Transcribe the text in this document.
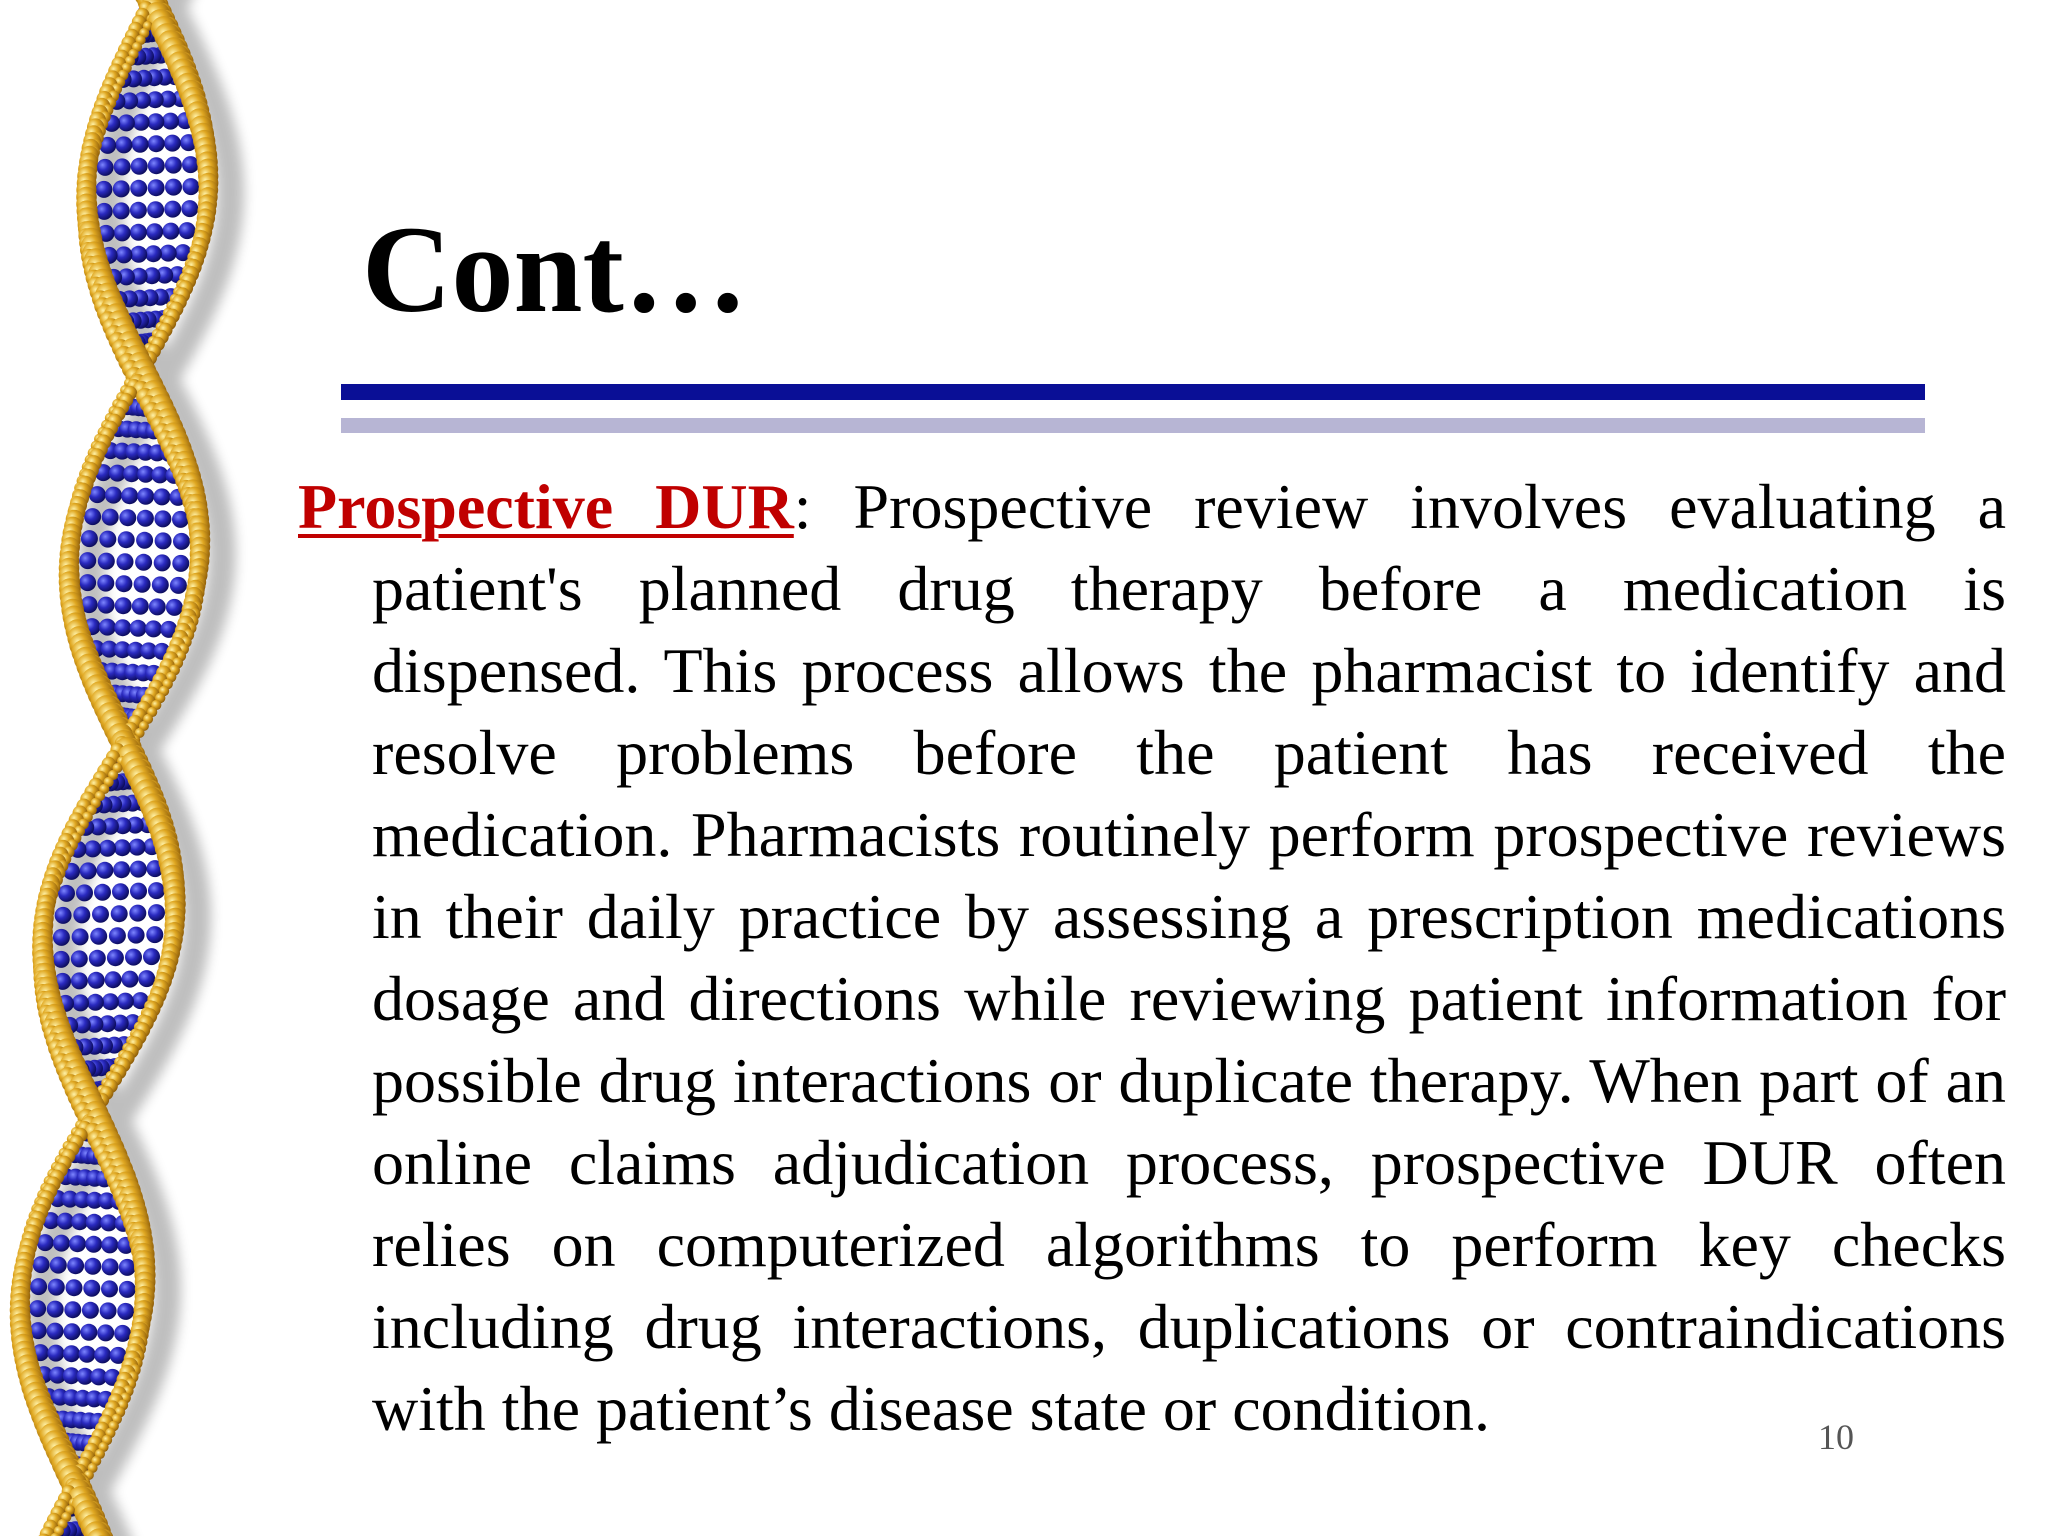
Cont…
Prospective DUR: Prospective review involves evaluating a patient's planned drug therapy before a medication is dispensed. This process allows the pharmacist to identify and resolve problems before the patient has received the medication. Pharmacists routinely perform prospective reviews in their daily practice by assessing a prescription medications dosage and directions while reviewing patient information for possible drug interactions or duplicate therapy. When part of an online claims adjudication process, prospective DUR often relies on computerized algorithms to perform key checks including drug interactions, duplications or contraindications with the patient’s disease state or condition.	10
